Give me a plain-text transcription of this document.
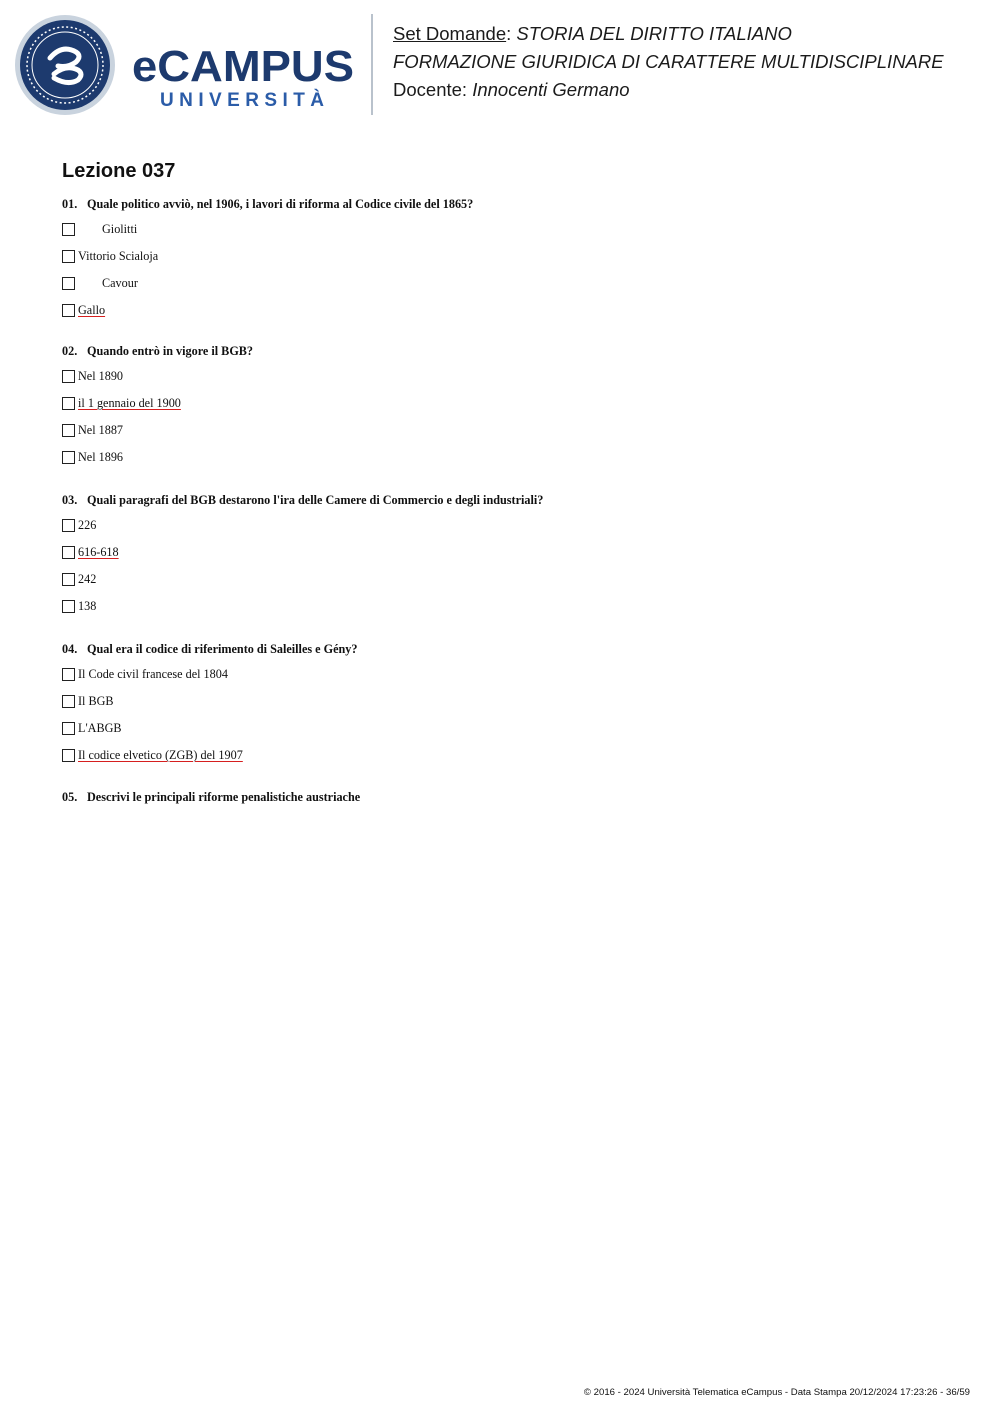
eCAMPUS
UNIVERSITÀ
Set Domande: STORIA DEL DIRITTO ITALIANO
FORMAZIONE GIURIDICA DI CARATTERE MULTIDISCIPLINARE
Docente: Innocenti Germano
Lezione 037
01. Quale politico avviò, nel 1906, i lavori di riforma al Codice civile del 1865?
Giolitti
Vittorio Scialoja
Cavour
Gallo
02. Quando entrò in vigore il BGB?
Nel 1890
il 1 gennaio del 1900
Nel 1887
Nel 1896
03. Quali paragrafi del BGB destarono l'ira delle Camere di Commercio e degli industriali?
226
616-618
242
138
04. Qual era il codice di riferimento di Saleilles e Gény?
Il Code civil francese del 1804
Il BGB
L'ABGB
Il codice elvetico (ZGB) del 1907
05. Descrivi le principali riforme penalistiche austriache
© 2016 - 2024 Università Telematica eCampus - Data Stampa 20/12/2024 17:23:26 - 36/59
